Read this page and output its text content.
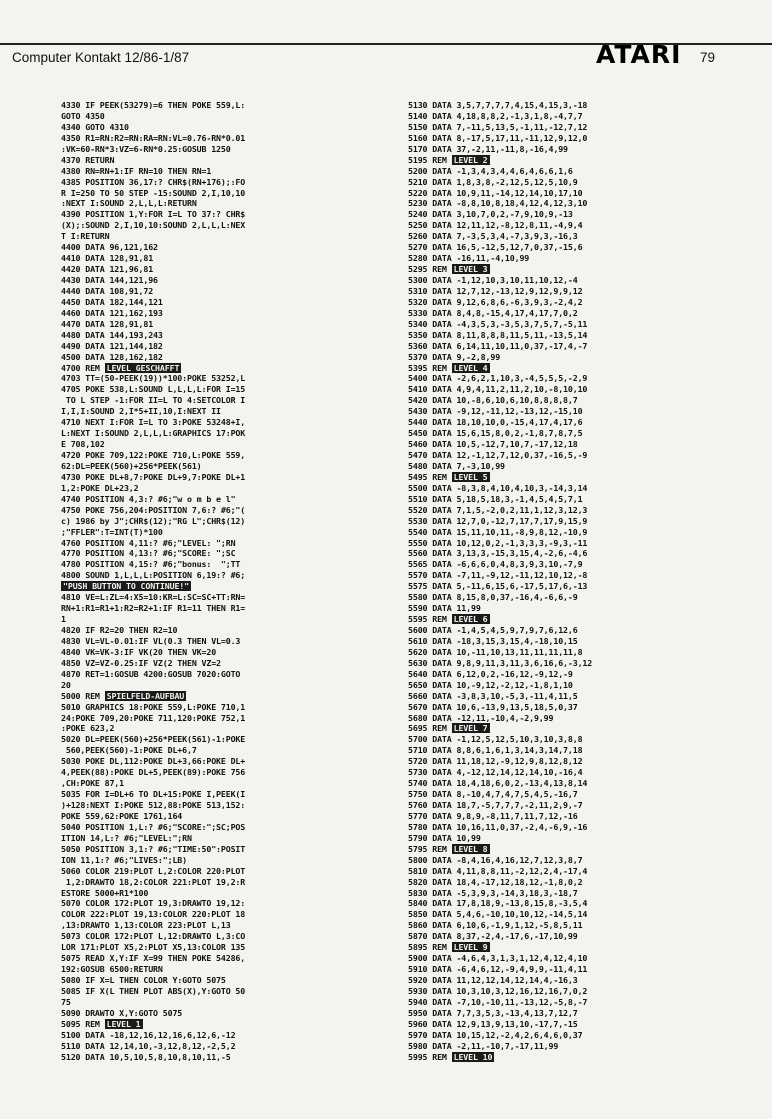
Computer Kontakt 12/86-1/87	ATARI 79
4330 IF PEEK(53279)=6 THEN POKE 559,L:
GOTO 4350
4340 GOTO 4310
4350 R1=RN:R2=RN:RA=RN:VL=0.76-RN*0.01
:VK=60-RN*3:VZ=6-RN*0.25:GOSUB 1250
4370 RETURN
4380 RN=RN+1:IF RN=10 THEN RN=1
4385 POSITION 36,17:? CHR$(RN+176);:FO
R I=250 TO 50 STEP -15:SOUND 2,I,10,10
:NEXT I:SOUND 2,L,L,L:RETURN
4390 POSITION 1,Y:FOR I=L TO 37:? CHR$
(X);:SOUND 2,I,10,10:SOUND 2,L,L,L:NEX
T I:RETURN
4400 DATA 96,121,162
4410 DATA 128,91,81
4420 DATA 121,96,81
4430 DATA 144,121,96
4440 DATA 108,91,72
4450 DATA 182,144,121
4460 DATA 121,162,193
4470 DATA 128,91,81
4480 DATA 144,193,243
4490 DATA 121,144,182
4500 DATA 128,162,182
4700 REM LEVEL GESCHAFFT
4703 TT=(50-PEEK(19))*100:POKE 53252,L
4705 POKE 538,L:SOUND L,L,L,L:FOR I=15
TO L STEP -1:FOR II=L TO 4:SETCOLOR I
I,I,I:SOUND 2,I*5+II,10,I:NEXT II
4710 NEXT I:FOR I=L TO 3:POKE 53248+I,
L:NEXT I:SOUND 2,L,L,L:GRAPHICS 17:POK
E 708,102
4720 POKE 709,122:POKE 710,L:POKE 559,
62:DL=PEEK(560)+256*PEEK(561)
4730 POKE DL+8,7:POKE DL+9,7:POKE DL+1
1,2:POKE DL+23,2
4740 POSITION 4,3:? #6;"w o m b e l"
4750 POKE 756,204:POSITION 7,6:? #6;"(
c) 1986 by J";CHR$(12);"RG L";CHR$(12)
;"FFLER":T=INT(T)*100
4760 POSITION 4,11:? #6;"LEVEL: ";RN
4770 POSITION 4,13:? #6;"SCORE: ";SC
4780 POSITION 4,15:? #6;"bonus:  ";TT
4800 SOUND 1,L,L,L:POSITION 6,19:? #6;
"PUSH BUTTON TO CONTINUE!"
4810 VE=L:ZL=4:X5=10:KR=L:SC=SC+TT:RN=
RN+1:R1=R1+1:R2=R2+1:IF R1=11 THEN R1=
1
4820 IF R2=20 THEN R2=10
4830 VL=VL-0.01:IF VL(0.3 THEN VL=0.3
4840 VK=VK-3:IF VK(20 THEN VK=20
4850 VZ=VZ-0.25:IF VZ(2 THEN VZ=2
4870 RET=1:GOSUB 4200:GOSUB 7020:GOTO
20
5000 REM SPIELFELD-AUFBAU
5010 GRAPHICS 18:POKE 559,L:POKE 710,1
24:POKE 709,20:POKE 711,120:POKE 752,1
:POKE 623,2
5020 DL=PEEK(560)+256*PEEK(561)-1:POKE
560,PEEK(560)-1:POKE DL+6,7
5030 POKE DL,112:POKE DL+3,66:POKE DL+
4,PEEK(88):POKE DL+5,PEEK(89):POKE 756
,CH:POKE 87,1
5035 FOR I=DL+6 TO DL+15:POKE I,PEEK(I
)+128:NEXT I:POKE 512,88:POKE 513,152:
POKE 559,62:POKE 1761,164
5040 POSITION 1,L:? #6;"SCORE:";SC;POS
ITION 14,L:? #6;"LEVEL:";RN
5050 POSITION 3,1:? #6;"TIME:50":POSIT
ION 11,1:? #6;"LIVES:";LB)
5060 COLOR 219:PLOT L,2:COLOR 220:PLOT
1,2:DRAWTO 18,2:COLOR 221:PLOT 19,2:R
ESTORE 5000+R1*100
5070 COLOR 172:PLOT 19,3:DRAWTO 19,12:
COLOR 222:PLOT 19,13:COLOR 220:PLOT 18
,13:DRAWTO 1,13:COLOR 223:PLOT L,13
5073 COLOR 172:PLOT L,12:DRAWTO L,3:CO
LOR 171:PLOT X5,2:PLOT X5,13:COLOR 135
5075 READ X,Y:IF X=99 THEN POKE 54286,
192:GOSUB 6500:RETURN
5080 IF X=L THEN COLOR Y:GOTO 5075
5085 IF X(L THEN PLOT ABS(X),Y:GOTO 50
75
5090 DRAWTO X,Y:GOTO 5075
5095 REM LEVEL 1
5100 DATA -18,12,16,12,16,6,12,6,-12
5110 DATA 12,14,10,-3,12,8,12,-2,5,2
5120 DATA 10,5,10,5,8,10,8,10,11,-5
5130 DATA 3,5,7,7,7,7,4,15,4,15,3,-18
5140 DATA 4,18,8,8,2,-1,3,1,8,-4,7,7
5150 DATA 7,-11,5,13,5,-1,11,-12,7,12
5160 DATA 8,-17,5,17,11,-11,12,9,12,0
5170 DATA 37,-2,11,-11,8,-16,4,99
5195 REM LEVEL 2
5200 DATA -1,3,4,3,4,4,6,4,6,6,1,6
5210 DATA 1,8,3,8,-2,12,5,12,5,10,9
5220 DATA 10,9,11,-14,12,14,10,17,10
5230 DATA -8,8,10,8,18,4,12,4,12,3,10
5240 DATA 3,10,7,0,2,-7,9,10,9,-13
5250 DATA 12,11,12,-8,12,8,11,-4,9,4
5260 DATA 7,-3,5,3,4,-7,3,9,3,-16,3
5270 DATA 16,5,-12,5,12,7,0,37,-15,6
5280 DATA -16,11,-4,10,99
5295 REM LEVEL 3
5300 DATA -1,12,10,3,10,11,10,12,-4
5310 DATA 12,7,12,-13,12,9,12,9,9,12
5320 DATA 9,12,6,8,6,-6,3,9,3,-2,4,2
5330 DATA 8,4,8,-15,4,17,4,17,7,0,2
5340 DATA -4,3,5,3,-3,5,3,7,5,7,-5,11
5350 DATA 8,11,8,8,8,11,5,11,-13,5,14
5360 DATA 6,14,11,10,11,0,37,-17,4,-7
5370 DATA 9,-2,8,99
5395 REM LEVEL 4
5400 DATA -2,6,2,1,10,3,-4,5,5,5,-2,9
5410 DATA 4,9,4,11,2,11,2,10,-8,10,10
5420 DATA 10,-8,6,10,6,10,8,8,8,8,7
5430 DATA -9,12,-11,12,-13,12,-15,10
5440 DATA 18,10,10,0,-15,4,17,4,17,6
5450 DATA 15,6,15,8,0,2,-1,8,7,8,7,5
5460 DATA 10,5,-12,7,10,7,-17,12,18
5470 DATA 12,-1,12,7,12,0,37,-16,5,-9
5480 DATA 7,-3,10,99
5495 REM LEVEL 5
5500 DATA -8,3,8,4,10,4,10,3,-14,3,14
5510 DATA 5,18,5,18,3,-1,4,5,4,5,7,1
5520 DATA 7,1,5,-2,0,2,11,1,12,3,12,3
5530 DATA 12,7,0,-12,7,17,7,17,9,15,9
5540 DATA 15,11,10,11,-8,9,8,12,-10,9
5550 DATA 10,12,0,2,-1,3,3,3,-9,3,-11
5560 DATA 3,13,3,-15,3,15,4,-2,6,-4,6
5565 DATA -6,6,6,0,4,8,3,9,3,10,-7,9
5570 DATA -7,11,-9,12,-11,12,10,12,-8
5575 DATA 5,-11,6,15,6,-17,5,17,6,-13
5580 DATA 8,15,8,0,37,-16,4,-6,6,-9
5590 DATA 11,99
5595 REM LEVEL 6
5600 DATA -1,4,5,4,5,9,7,9,7,6,12,6
5610 DATA -18,3,15,3,15,4,-18,10,15
5620 DATA 10,-11,10,13,11,11,11,11,8
5630 DATA 9,8,9,11,3,11,3,6,16,6,-3,12
5640 DATA 6,12,0,2,-16,12,-9,12,-9
5650 DATA 10,-9,12,-2,12,-1,8,1,10
5660 DATA -3,8,3,10,-5,3,-11,4,11,5
5670 DATA 10,6,-13,9,13,5,18,5,0,37
5680 DATA -12,11,-10,4,-2,9,99
5695 REM LEVEL 7
5700 DATA -1,12,5,12,5,10,3,10,3,8,8
5710 DATA 8,8,6,1,6,1,3,14,3,14,7,18
5720 DATA 11,18,12,-9,12,9,8,12,8,12
5730 DATA 4,-12,12,14,12,14,10,-16,4
5740 DATA 18,4,18,6,0,2,-13,4,13,8,14
5750 DATA 8,-10,4,7,4,7,5,4,5,-16,7
5760 DATA 18,7,-5,7,7,7,-2,11,2,9,-7
5770 DATA 9,8,9,-8,11,7,11,7,12,-16
5780 DATA 10,16,11,0,37,-2,4,-6,9,-16
5790 DATA 10,99
5795 REM LEVEL 8
5800 DATA -8,4,16,4,16,12,7,12,3,8,7
5810 DATA 4,11,8,8,11,-2,12,2,4,-17,4
5820 DATA 18,4,-17,12,18,12,-1,8,0,2
5830 DATA -5,3,9,3,-14,3,18,3,-18,7
5840 DATA 17,8,18,9,-13,8,15,8,-3,5,4
5850 DATA 5,4,6,-10,10,10,12,-14,5,14
5860 DATA 6,10,6,-1,9,1,12,-5,8,5,11
5870 DATA 8,37,-2,4,-17,6,-17,10,99
5895 REM LEVEL 9
5900 DATA -4,6,4,3,1,3,1,12,4,12,4,10
5910 DATA -6,4,6,12,-9,4,9,9,-11,4,11
5920 DATA 11,12,12,14,12,14,4,-16,3
5930 DATA 10,3,10,3,12,16,12,16,7,0,2
5940 DATA -7,10,-10,11,-13,12,-5,8,-7
5950 DATA 7,7,3,5,3,-13,4,13,7,12,7
5960 DATA 12,9,13,9,13,10,-17,7,-15
5970 DATA 10,15,12,-2,4,2,6,4,6,0,37
5980 DATA -2,11,-10,7,-17,11,99
5995 REM LEVEL 10
